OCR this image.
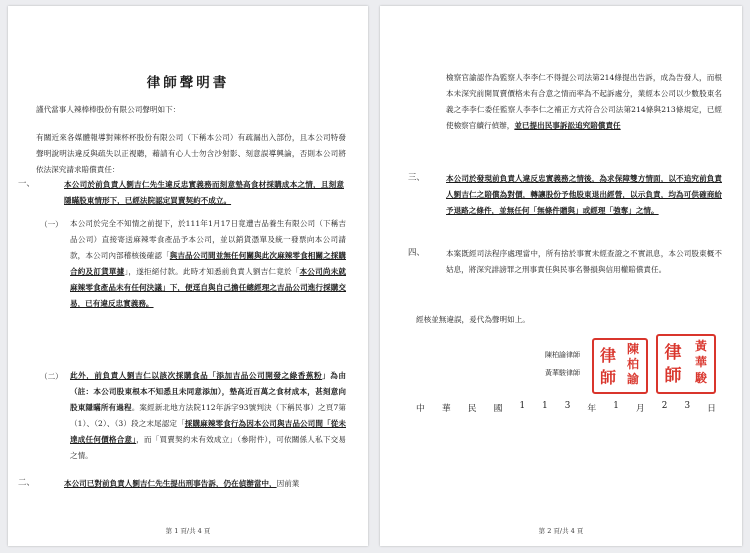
律師聲明書
謹代當事人辣棒棒股份有限公司聲明如下：
有關近來各媒體報導對辣杯杯股份有限公司（下稱本公司）有疏漏出入部份，且本公司特發聲明說明法違反與疏失以正視聽，藉請有心人士勿含沙射影、刻意誤導興論，否則本公司將依法深究請求賠償責任：
一、	本公司於前負責人劉吉仁先生違反忠實義務而刻意墊高食材採購成本之情，且刻意隱瞞股東情形下，已經法院認定買賣契約不成立。
（一） 本公司於完全不知情之前提下，於111年1月17日竟遭吉品養生有限公司（下稱吉品公司）直接寄送麻辣零食產品予本公司，並以銷貨憑單及統一發票向本公司請款，本公司內部稽核後確認「與吉品公司間並無任何關與此次麻辣零食相關之採購合約及訂貨單據」，遂拒絕付款。此時才知悉前負責人劉吉仁竟於「本公司尚未就麻辣零食產品未有任何決議」下，便逕自與自己擔任總經理之吉品公司進行採購交易，已有違反忠實義務。
（二） 此外，前負責人劉吉仁以該次採購食品「添加吉品公司開發之綠香蕉粉」為由（註：本公司股東根本不知悉且未同意添加），墊高近百萬之食材成本，甚刻意向股東隱瞞所有過程。案經新北地方法院112年訴字93號判決（下稱民事）之頁7第（1）、（2）、（3）段之末尾認定「採購麻辣零食行為因本公司與吉品公司間「從未達成任何價格合意」，而「買賣契約未有效成立」（參附件），可依關係人私下交易之情。
二、	本公司已對前負責人劉吉仁先生提出刑事告訴，仍在偵辦當中，因前業
第 1 頁/共 4 頁
檢察官諭認作為監察人李李仁不得提公司法第214條提出告訴，成為告發人，而根本未深究前開買賣價格未有合意之情而率為不起訴處分，業經本公司以少數股東名義之李李仁委任監察人李李仁之補正方式符合公司法第214條與213條規定，已經使檢察官續行偵辦，並已提出民事訴訟追究賠償責任
三、	本公司於發現前負責人違反忠實義務之情後，為求保障雙方情面，以不追究前負責人劉吉仁之賠償為對價，轉讓股份予他股東退出經營，以示負責，均為可供確商給予退路之條件，並無任何「無條件贈與」或經理「強奪」之情。
四、	本案既經司法程序處理當中，所有捨於事實未經查證之不實訊息，本公司股東概不姑息，將深究誹謗罪之刑事責任與民事名譽損與信用權賠償責任。
經核並無違誤，爰代為聲明如上。
陳柏諭律師
黃華駿律師
陳
柏
諭
律
師
黃
華
駿
律
師
中 華 民 國 1 1 3 年 1 月 2 3 日
第 2 頁/共 4 頁
